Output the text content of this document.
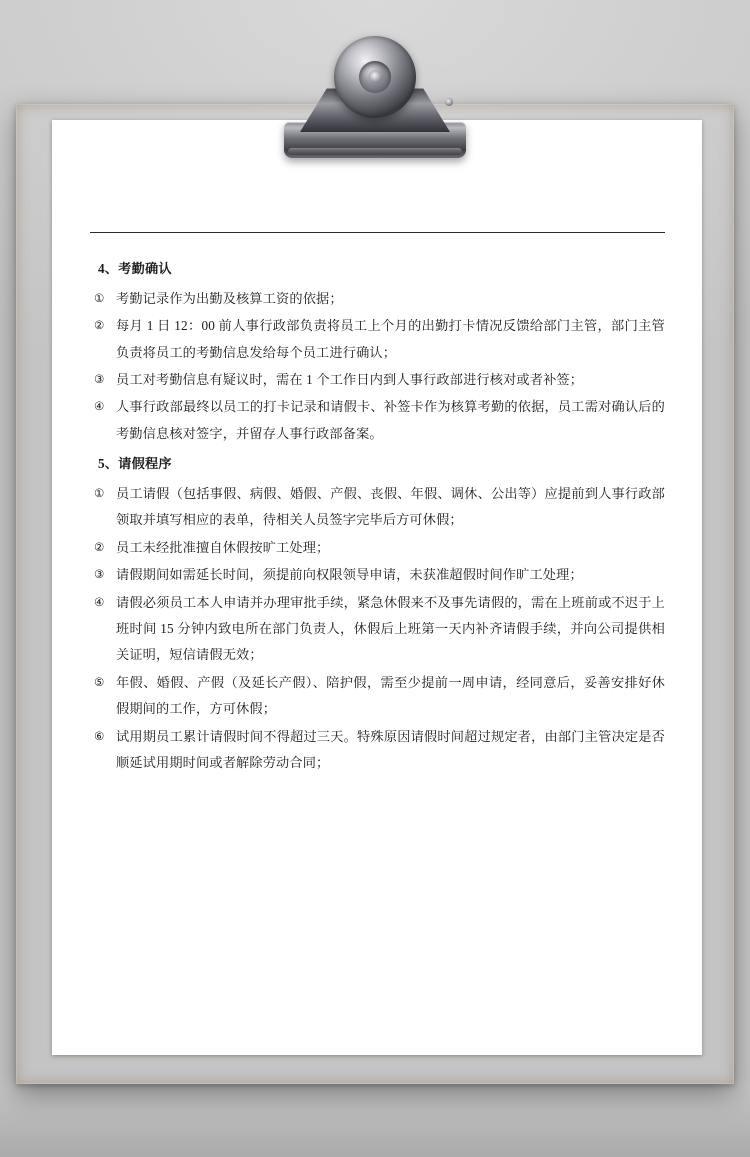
4、考勤确认

① 考勤记录作为出勤及核算工资的依据；

② 每月 1 日 12：00 前人事行政部负责将员工上个月的出勤打卡情况反馈给部门主管，部门主管负责将员工的考勤信息发给每个员工进行确认；

③ 员工对考勤信息有疑议时，需在 1 个工作日内到人事行政部进行核对或者补签；

④ 人事行政部最终以员工的打卡记录和请假卡、补签卡作为核算考勤的依据，员工需对确认后的考勤信息核对签字，并留存人事行政部备案。

5、请假程序

① 员工请假（包括事假、病假、婚假、产假、丧假、年假、调休、公出等）应提前到人事行政部领取并填写相应的表单，待相关人员签字完毕后方可休假；

② 员工未经批准擅自休假按旷工处理；

③ 请假期间如需延长时间，须提前向权限领导申请，未获准超假时间作旷工处理；

④ 请假必须员工本人申请并办理审批手续，紧急休假来不及事先请假的，需在上班前或不迟于上班时间 15 分钟内致电所在部门负责人，休假后上班第一天内补齐请假手续，并向公司提供相关证明，短信请假无效；

⑤ 年假、婚假、产假（及延长产假）、陪护假，需至少提前一周申请，经同意后，妥善安排好休假期间的工作，方可休假；

⑥ 试用期员工累计请假时间不得超过三天。特殊原因请假时间超过规定者，由部门主管决定是否顺延试用期时间或者解除劳动合同；
